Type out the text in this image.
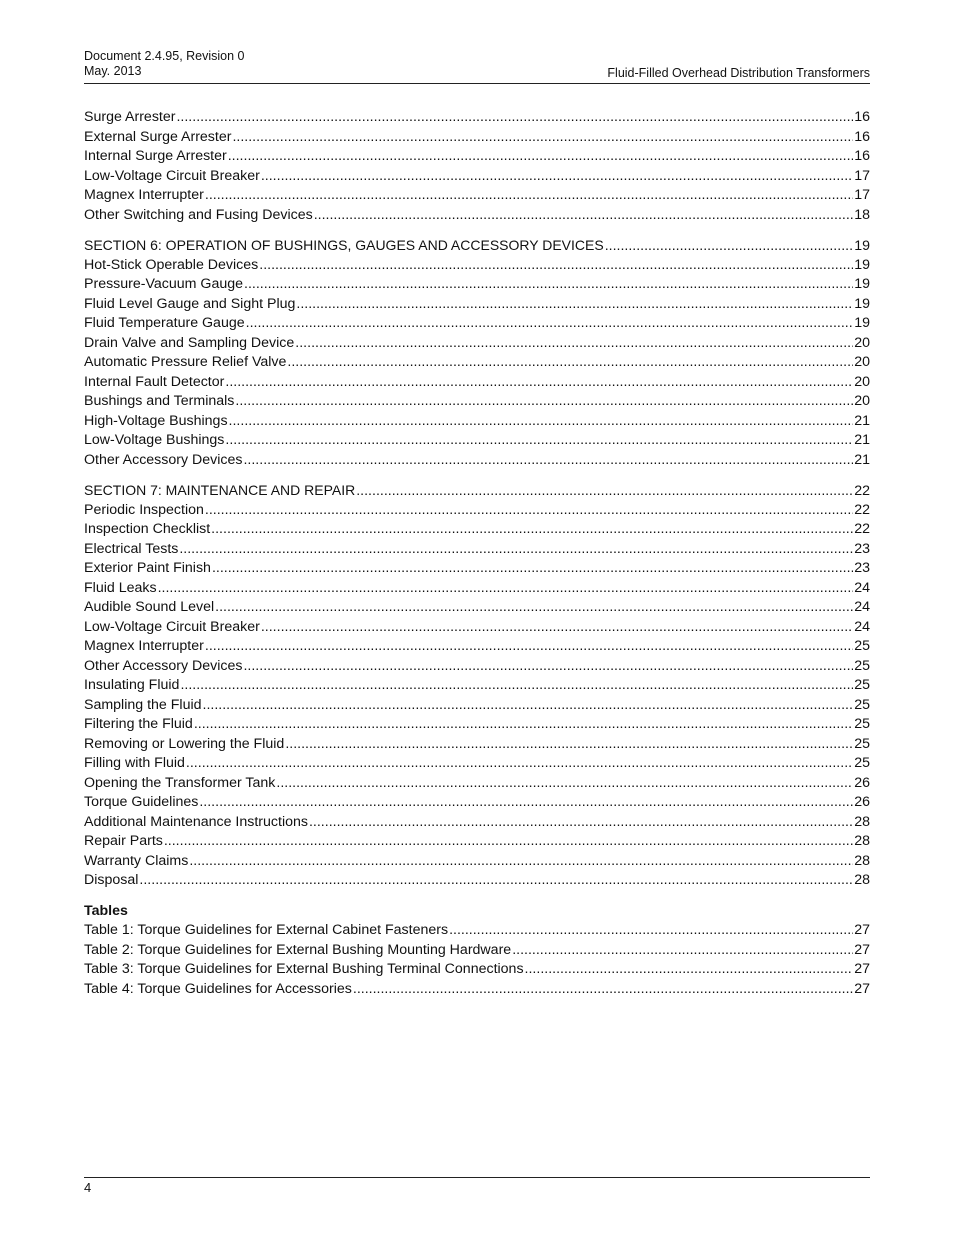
Document 2.4.95, Revision 0
May. 2013	Fluid-Filled Overhead Distribution Transformers
Surge Arrester .....	16
External Surge Arrester .....	16
Internal Surge Arrester .....	16
Low-Voltage Circuit Breaker .....	17
Magnex Interrupter .....	17
Other Switching and Fusing Devices .....	18
SECTION 6: OPERATION OF BUSHINGS, GAUGES AND ACCESSORY DEVICES .....	19
Hot-Stick Operable Devices .....	19
Pressure-Vacuum Gauge .....	19
Fluid Level Gauge and Sight Plug .....	19
Fluid Temperature Gauge .....	19
Drain Valve and Sampling Device .....	20
Automatic Pressure Relief Valve .....	20
Internal Fault Detector .....	20
Bushings and Terminals .....	20
High-Voltage Bushings .....	21
Low-Voltage Bushings .....	21
Other Accessory Devices .....	21
SECTION 7: MAINTENANCE AND REPAIR .....	22
Periodic Inspection .....	22
Inspection Checklist .....	22
Electrical Tests .....	23
Exterior Paint Finish .....	23
Fluid Leaks .....	24
Audible Sound Level .....	24
Low-Voltage Circuit Breaker .....	24
Magnex Interrupter .....	25
Other Accessory Devices .....	25
Insulating Fluid .....	25
Sampling the Fluid .....	25
Filtering the Fluid .....	25
Removing or Lowering the Fluid .....	25
Filling with Fluid .....	25
Opening the Transformer Tank .....	26
Torque Guidelines .....	26
Additional Maintenance Instructions .....	28
Repair Parts .....	28
Warranty Claims .....	28
Disposal .....	28
Tables
Table 1: Torque Guidelines for External Cabinet Fasteners .....	27
Table 2: Torque Guidelines for External Bushing Mounting Hardware .....	27
Table 3: Torque Guidelines for External Bushing Terminal Connections .....	27
Table 4: Torque Guidelines for Accessories .....	27
4
